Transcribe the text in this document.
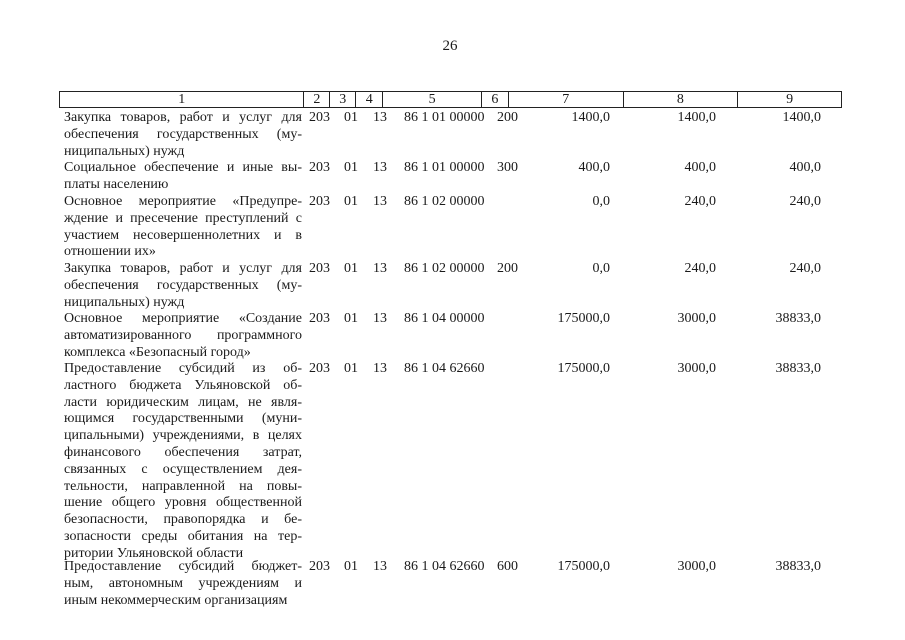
26
1	2	3	4	5	6	7	8	9
Закупка товаров, работ и услуг для
обеспечения государственных (му-
ниципальных) нужд
203 01 13 86 1 01 00000 200	1400,0	1400,0	1400,0
Социальное обеспечение и иные вы-
платы населению
203 01 13 86 1 01 00000 300	400,0	400,0	400,0
Основное мероприятие «Предупре-
ждение и пресечение преступлений с
участием несовершеннолетних и в
отношении их»
203 01 13 86 1 02 00000	0,0	240,0	240,0
Закупка товаров, работ и услуг для
обеспечения государственных (му-
ниципальных) нужд
203 01 13 86 1 02 00000 200	0,0	240,0	240,0
Основное мероприятие «Создание
автоматизированного программного
комплекса «Безопасный город»
203 01 13 86 1 04 00000	175000,0	3000,0	38833,0
Предоставление субсидий из об-
ластного бюджета Ульяновской об-
ласти юридическим лицам, не явля-
ющимся государственными (муни-
ципальными) учреждениями, в целях
финансового обеспечения затрат,
связанных с осуществлением дея-
тельности, направленной на повы-
шение общего уровня общественной
безопасности, правопорядка и бе-
зопасности среды обитания на тер-
ритории Ульяновской области
203 01 13 86 1 04 62660	175000,0	3000,0	38833,0
Предоставление субсидий бюджет-
ным, автономным учреждениям и
иным некоммерческим организациям
203 01 13 86 1 04 62660 600	175000,0	3000,0	38833,0
